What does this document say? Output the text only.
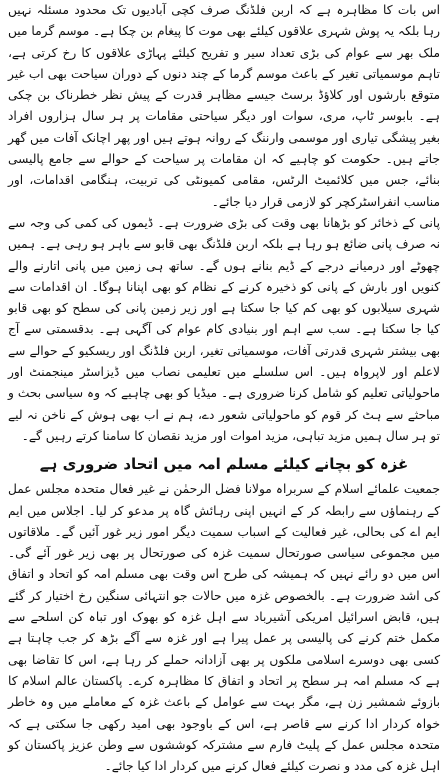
اس بات کا مظاہرہ ہے کہ اربن فلڈنگ صرف کچی آبادیوں تک محدود مسئلہ نہیں رہا بلکہ یہ پوش شہری علاقوں کیلئے بھی موت کا پیغام بن چکا ہے۔ موسم گرما میں ملک بھر سے عوام کی بڑی تعداد سیر و تفریح کیلئے پہاڑی علاقوں کا رخ کرتی ہے، تاہم موسمیاتی تغیر کے باعث موسم گرما کے چند دنوں کے دوران سیاحت بھی اب غیر متوقع بارشوں اور کلاؤڈ برسٹ جیسے مظاہر قدرت کے پیش نظر خطرناک بن چکی ہے۔ بابوسر ٹاپ، مری، سوات اور دیگر سیاحتی مقامات پر ہر سال ہزاروں افراد بغیر پیشگی تیاری اور موسمی وارننگ کے روانہ ہوتے ہیں اور پھر اچانک آفات میں گھر جاتے ہیں۔ حکومت کو چاہیے کہ ان مقامات پر سیاحت کے حوالے سے جامع پالیسی بنائے، جس میں کلائمیٹ الرٹس، مقامی کمیونٹی کی تربیت، ہنگامی اقدامات، اور مناسب انفراسٹرکچر کو لازمی قرار دیا جائے۔

پانی کے ذخائر کو بڑھانا بھی وقت کی بڑی ضرورت ہے۔ ڈیموں کی کمی کی وجہ سے نہ صرف پانی ضائع ہو رہا ہے بلکہ اربن فلڈنگ بھی قابو سے باہر ہو رہی ہے۔ ہمیں چھوٹے اور درمیانے درجے کے ڈیم بنانے ہوں گے۔ ساتھ ہی زمین میں پانی اتارنے والے کنویں اور بارش کے پانی کو ذخیرہ کرنے کے نظام کو بھی اپنانا ہوگا۔ ان اقدامات سے شہری سیلابوں کو بھی کم کیا جا سکتا ہے اور زیر زمین پانی کی سطح کو بھی قابو کیا جا سکتا ہے۔ سب سے اہم اور بنیادی کام عوام کی آگہی ہے۔ بدقسمتی سے آج بھی بیشتر شہری قدرتی آفات، موسمیاتی تغیر، اربن فلڈنگ اور ریسکیو کے حوالے سے لاعلم اور لاپرواہ ہیں۔ اس سلسلے میں تعلیمی نصاب میں ڈیزاسٹر مینجمنٹ اور ماحولیاتی تعلیم کو شامل کرنا ضروری ہے۔ میڈیا کو بھی چاہیے کہ وہ سیاسی بحث و مباحثے سے ہٹ کر قوم کو ماحولیاتی شعور دے، ہم نے اب بھی ہوش کے ناخن نہ لیے تو ہر سال ہمیں مزید تباہی، مزید اموات اور مزید نقصان کا سامنا کرتے رہیں گے۔

غزہ کو بچانے کیلئے مسلم امہ میں اتحاد ضروری ہے

جمعیت علمائے اسلام کے سربراہ مولانا فضل الرحمٰن نے غیر فعال متحدہ مجلس عمل کے رہنماؤں سے رابطہ کر کے انہیں اپنی رہائش گاہ پر مدعو کر لیا۔ اجلاس میں ایم ایم اے کی بحالی، غیر فعالیت کے اسباب سمیت دیگر امور زیر غور آئیں گے۔ ملاقاتوں میں مجموعی سیاسی صورتحال سمیت غزہ کی صورتحال پر بھی زیر غور آئے گی۔ اس میں دو رائے نہیں کہ ہمیشہ کی طرح اس وقت بھی مسلم امہ کو اتحاد و اتفاق کی اشد ضرورت ہے۔ بالخصوص غزہ میں حالات جو انتہائی سنگین رخ اختیار کر گئے ہیں، قابض اسرائیل امریکی آشیرباد سے اہل غزہ کو بھوک اور تباہ کن اسلحے سے مکمل ختم کرنے کی پالیسی پر عمل پیرا ہے اور غزہ سے آگے بڑھ کر جب چاہتا ہے کسی بھی دوسرے اسلامی ملکوں پر بھی آزادانہ حملے کر رہا ہے، اس کا تقاضا بھی ہے کہ مسلم امہ ہر سطح پر اتحاد و اتفاق کا مظاہرہ کرے۔ پاکستان عالم اسلام کا بازوئے شمشیر زن ہے، مگر بہت سے عوامل کے باعث غزہ کے معاملے میں وہ خاطر خواہ کردار ادا کرنے سے قاصر ہے، اس کے باوجود بھی امید رکھی جا سکتی ہے کہ متحدہ مجلس عمل کے پلیٹ فارم سے مشترکہ کوششوں سے وطن عزیز پاکستان کو اہل غزہ کی مدد و نصرت کیلئے فعال کرنے میں کردار ادا کیا جائے۔
